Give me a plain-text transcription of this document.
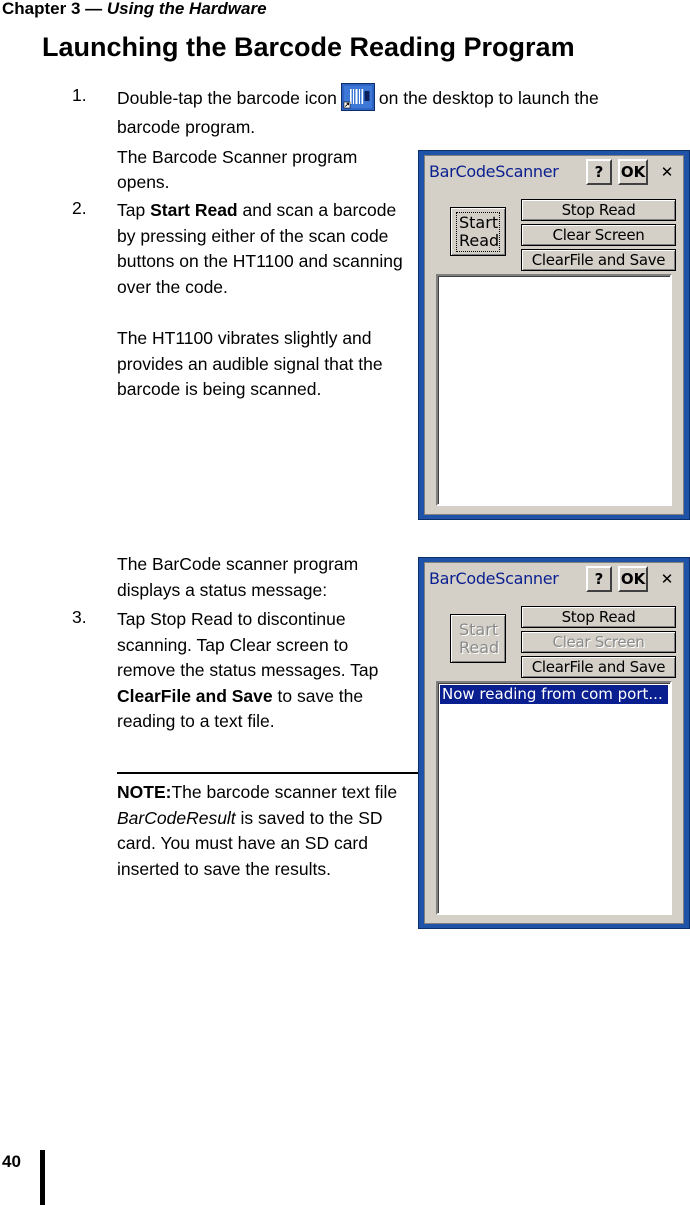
Chapter 3 — Using the Hardware
Launching the Barcode Reading Program
1. Double-tap the barcode icon on the desktop to launch the
barcode program.
The Barcode Scanner program opens.
2. Tap Start Read and scan a barcode by pressing either of the scan code buttons on the HT1100 and scanning over the code.
The HT1100 vibrates slightly and provides an audible signal that the barcode is being scanned.
BarCodeScanner	?	OK	✕
Start Read
Stop Read
Clear Screen
ClearFile and Save
The BarCode scanner program displays a status message:
3. Tap Stop Read to discontinue scanning. Tap Clear screen to remove the status messages. Tap ClearFile and Save to save the reading to a text file.
NOTE:The barcode scanner text file BarCodeResult is saved to the SD card. You must have an SD card inserted to save the results.
BarCodeScanner	?	OK	✕
Start Read
Stop Read
Clear Screen
ClearFile and Save
Now reading from com port...
40
